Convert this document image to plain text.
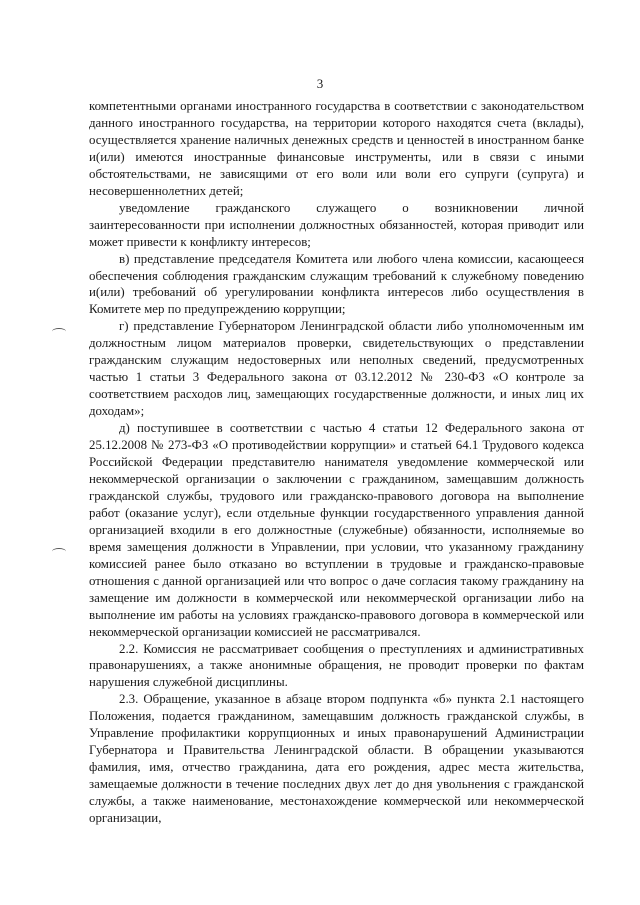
3

компетентными органами иностранного государства в соответствии с законодательством данного иностранного государства, на территории которого находятся счета (вклады), осуществляется хранение наличных денежных средств и ценностей в иностранном банке и(или) имеются иностранные финансовые инструменты, или в связи с иными обстоятельствами, не зависящими от его воли или воли его супруги (супруга) и несовершеннолетних детей;

уведомление гражданского служащего о возникновении личной заинтересованности при исполнении должностных обязанностей, которая приводит или может привести к конфликту интересов;

в) представление председателя Комитета или любого члена комиссии, касающееся обеспечения соблюдения гражданским служащим требований к служебному поведению и(или) требований об урегулировании конфликта интересов либо осуществления в Комитете мер по предупреждению коррупции;

г) представление Губернатором Ленинградской области либо уполномоченным им должностным лицом материалов проверки, свидетельствующих о представлении гражданским служащим недостоверных или неполных сведений, предусмотренных частью 1 статьи 3 Федерального закона от 03.12.2012 № 230-ФЗ «О контроле за соответствием расходов лиц, замещающих государственные должности, и иных лиц их доходам»;

д) поступившее в соответствии с частью 4 статьи 12 Федерального закона от 25.12.2008 № 273-ФЗ «О противодействии коррупции» и статьей 64.1 Трудового кодекса Российской Федерации представителю нанимателя уведомление коммерческой или некоммерческой организации о заключении с гражданином, замещавшим должность гражданской службы, трудового или гражданско-правового договора на выполнение работ (оказание услуг), если отдельные функции государственного управления данной организацией входили в его должностные (служебные) обязанности, исполняемые во время замещения должности в Управлении, при условии, что указанному гражданину комиссией ранее было отказано во вступлении в трудовые и гражданско-правовые отношения с данной организацией или что вопрос о даче согласия такому гражданину на замещение им должности в коммерческой или некоммерческой организации либо на выполнение им работы на условиях гражданско-правового договора в коммерческой или некоммерческой организации комиссией не рассматривался.

2.2. Комиссия не рассматривает сообщения о преступлениях и административных правонарушениях, а также анонимные обращения, не проводит проверки по фактам нарушения служебной дисциплины.

2.3. Обращение, указанное в абзаце втором подпункта «б» пункта 2.1 настоящего Положения, подается гражданином, замещавшим должность гражданской службы, в Управление профилактики коррупционных и иных правонарушений Администрации Губернатора и Правительства Ленинградской области. В обращении указываются фамилия, имя, отчество гражданина, дата его рождения, адрес места жительства, замещаемые должности в течение последних двух лет до дня увольнения с гражданской службы, а также наименование, местонахождение коммерческой или некоммерческой организации,
